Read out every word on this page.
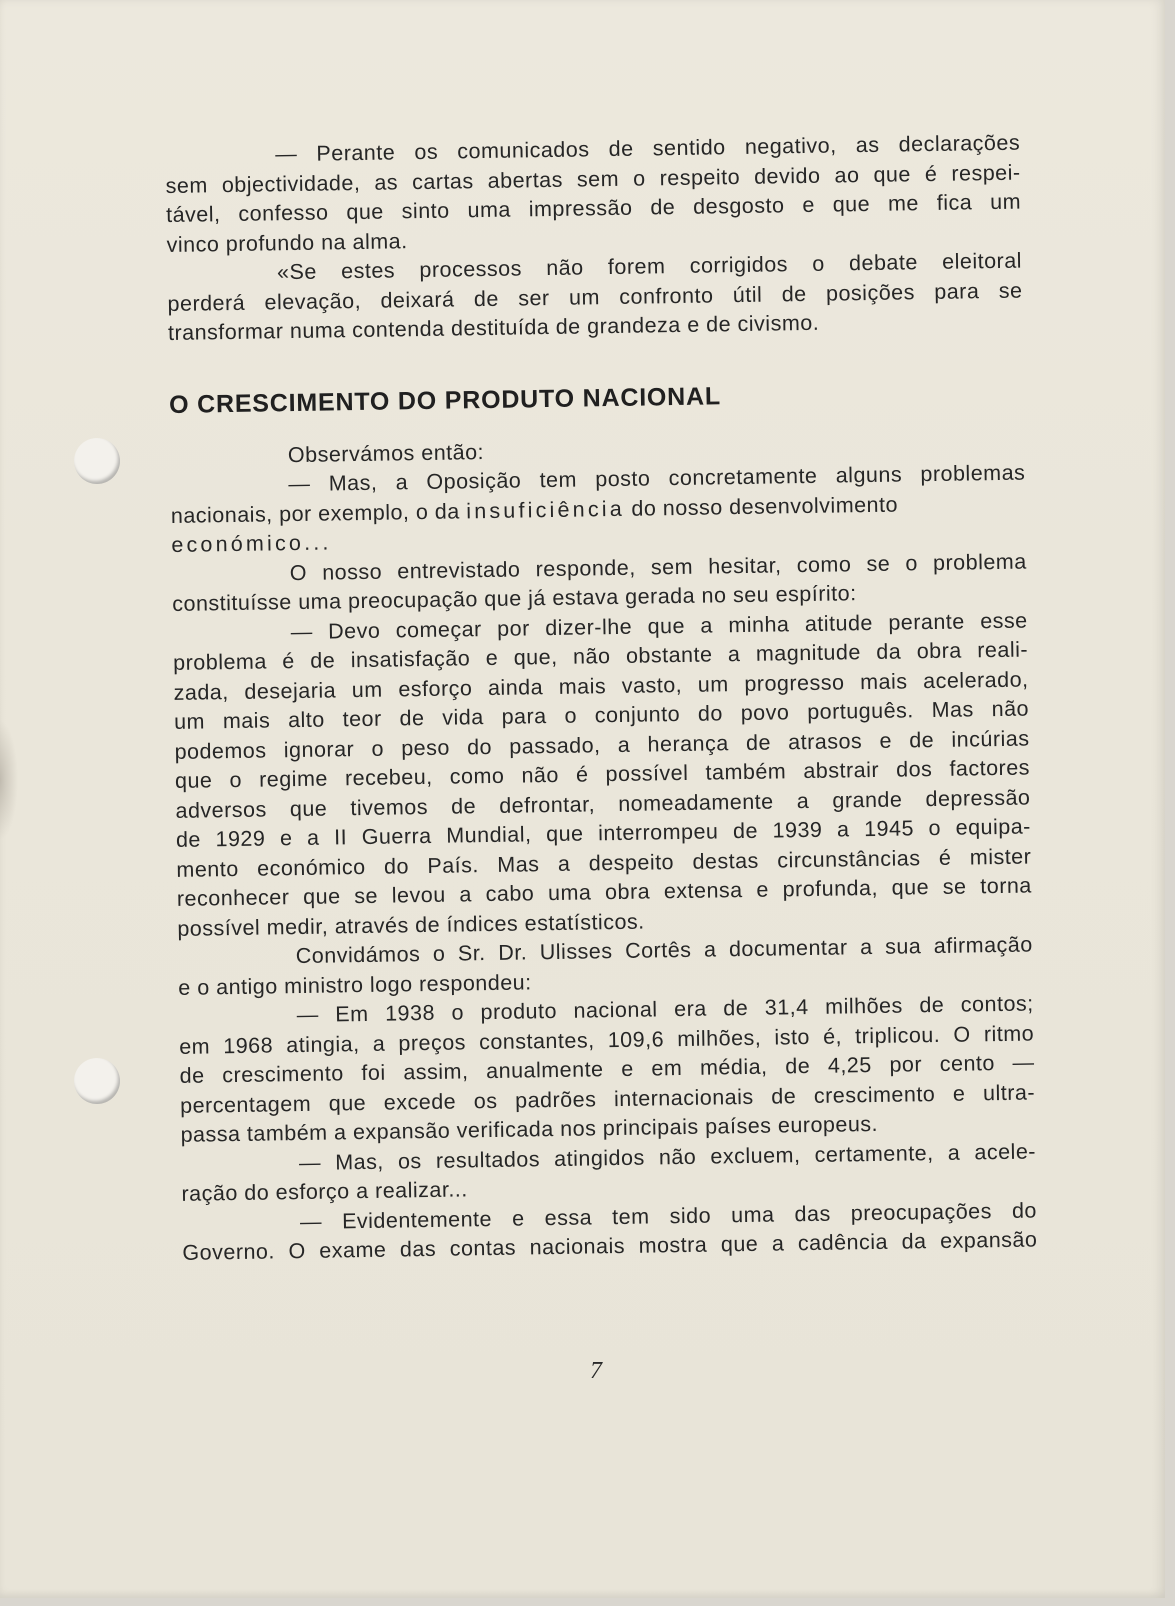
— Perante os comunicados de sentido negativo, as declarações
sem objectividade, as cartas abertas sem o respeito devido ao que é respei-
tável, confesso que sinto uma impressão de desgosto e que me fica um
vinco profundo na alma.
«Se estes processos não forem corrigidos o debate eleitoral
perderá elevação, deixará de ser um confronto útil de posições para se
transformar numa contenda destituída de grandeza e de civismo.
O CRESCIMENTO DO PRODUTO NACIONAL
Observámos então:
— Mas, a Oposição tem posto concretamente alguns problemas
nacionais, por exemplo, o da insuficiência do nosso desenvolvimento
económico...
O nosso entrevistado responde, sem hesitar, como se o problema
constituísse uma preocupação que já estava gerada no seu espírito:
— Devo começar por dizer-lhe que a minha atitude perante esse
problema é de insatisfação e que, não obstante a magnitude da obra reali-
zada, desejaria um esforço ainda mais vasto, um progresso mais acelerado,
um mais alto teor de vida para o conjunto do povo português. Mas não
podemos ignorar o peso do passado, a herança de atrasos e de incúrias
que o regime recebeu, como não é possível também abstrair dos factores
adversos que tivemos de defrontar, nomeadamente a grande depressão
de 1929 e a II Guerra Mundial, que interrompeu de 1939 a 1945 o equipa-
mento económico do País. Mas a despeito destas circunstâncias é mister
reconhecer que se levou a cabo uma obra extensa e profunda, que se torna
possível medir, através de índices estatísticos.
Convidámos o Sr. Dr. Ulisses Cortês a documentar a sua afirmação
e o antigo ministro logo respondeu:
— Em 1938 o produto nacional era de 31,4 milhões de contos;
em 1968 atingia, a preços constantes, 109,6 milhões, isto é, triplicou. O ritmo
de crescimento foi assim, anualmente e em média, de 4,25 por cento —
percentagem que excede os padrões internacionais de crescimento e ultra-
passa também a expansão verificada nos principais países europeus.
— Mas, os resultados atingidos não excluem, certamente, a acele-
ração do esforço a realizar...
— Evidentemente e essa tem sido uma das preocupações do
Governo. O exame das contas nacionais mostra que a cadência da expansão
7
